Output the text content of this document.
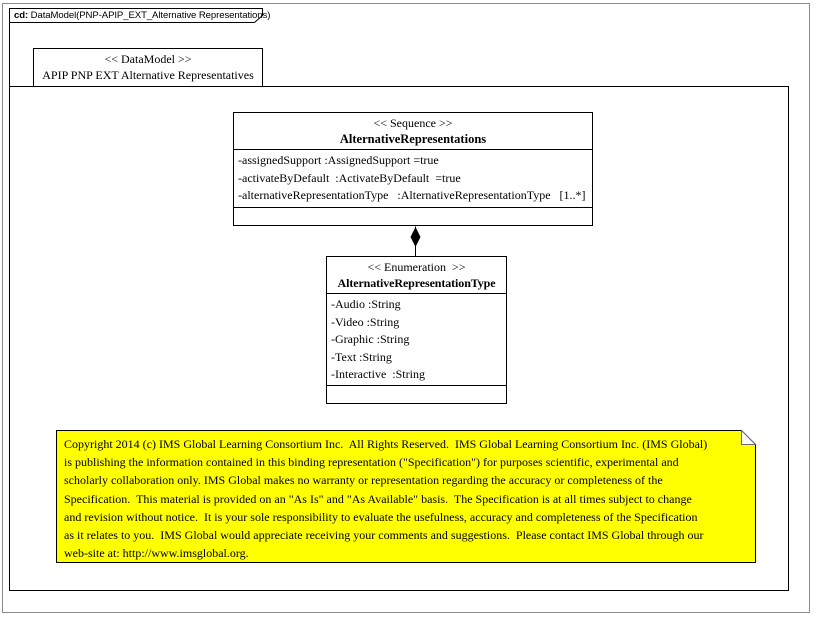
cd: DataModel(PNP-APIP_EXT_Alternative Representations)
<< DataModel >>
APIP PNP EXT Alternative Representatives
<< Sequence >>
AlternativeRepresentations
-assignedSupport :AssignedSupport =true
-activateByDefault  :ActivateByDefault  =true
-alternativeRepresentationType   :AlternativeRepresentationType   [1..*]
<< Enumeration  >>
AlternativeRepresentationType
-Audio :String
-Video :String
-Graphic :String
-Text :String
-Interactive  :String
Copyright 2014 (c) IMS Global Learning Consortium Inc.  All Rights Reserved.  IMS Global Learning Consortium Inc. (IMS Global)
is publishing the information contained in this binding representation ("Specification") for purposes scientific, experimental and
scholarly collaboration only. IMS Global makes no warranty or representation regarding the accuracy or completeness of the
Specification.  This material is provided on an "As Is" and "As Available" basis.  The Specification is at all times subject to change
and revision without notice.  It is your sole responsibility to evaluate the usefulness, accuracy and completeness of the Specification
as it relates to you.  IMS Global would appreciate receiving your comments and suggestions.  Please contact IMS Global through our
web-site at: http://www.imsglobal.org.
